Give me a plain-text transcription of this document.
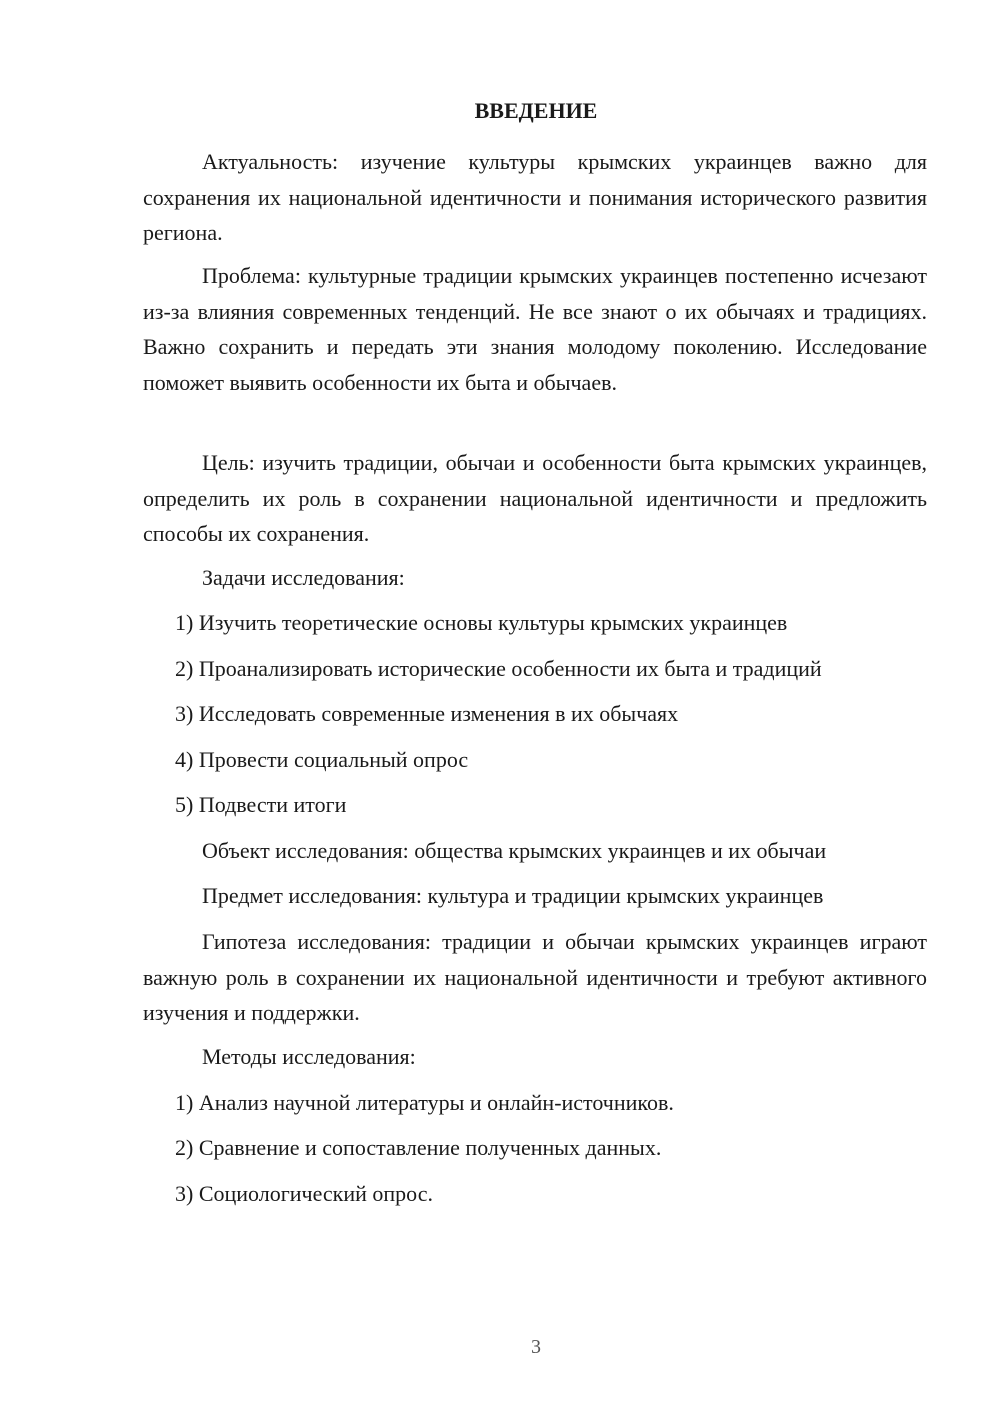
ВВЕДЕНИЕ

Актуальность: изучение культуры крымских украинцев важно для сохранения их национальной идентичности и понимания исторического развития региона.

Проблема: культурные традиции крымских украинцев постепенно исчезают из-за влияния современных тенденций. Не все знают о их обычаях и традициях. Важно сохранить и передать эти знания молодому поколению. Исследование поможет выявить особенности их быта и обычаев.

Цель: изучить традиции, обычаи и особенности быта крымских украинцев, определить их роль в сохранении национальной идентичности и предложить способы их сохранения.

Задачи исследования:

1) Изучить теоретические основы культуры крымских украинцев

2) Проанализировать исторические особенности их быта и традиций

3) Исследовать современные изменения в их обычаях

4) Провести социальный опрос

5) Подвести итоги

Объект исследования: общества крымских украинцев и их обычаи

Предмет исследования: культура и традиции крымских украинцев

Гипотеза исследования: традиции и обычаи крымских украинцев играют важную роль в сохранении их национальной идентичности и требуют активного изучения и поддержки.

Методы исследования:

1) Анализ научной литературы и онлайн-источников.

2) Сравнение и сопоставление полученных данных.

3) Социологический опрос.

3
